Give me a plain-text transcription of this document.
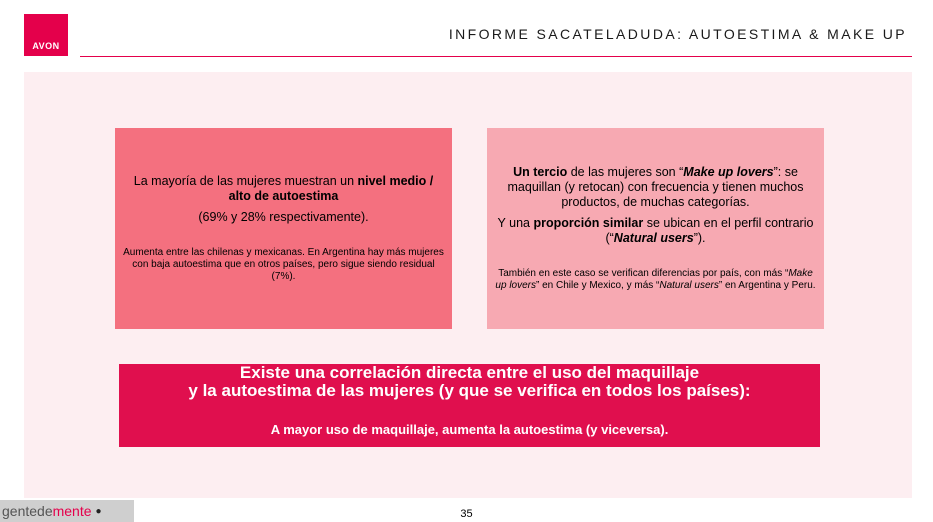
AVON
INFORME SACATELADUDA: AUTOESTIMA & MAKE UP
La mayoría de las mujeres muestran un nivel medio / alto de autoestima
(69% y 28% respectivamente).
Aumenta entre las chilenas y mexicanas. En Argentina hay más mujeres con baja autoestima que en otros países, pero sigue siendo residual (7%).
Un tercio de las mujeres son “Make up lovers”: se maquillan (y retocan) con frecuencia y tienen muchos productos, de muchas categorías.
Y una proporción similar se ubican en el perfil contrario (“Natural users”).
También en este caso se verifican diferencias por país, con más “Make up lovers” en Chile y Mexico, y más “Natural users” en Argentina y Peru.
Existe una correlación directa entre el uso del maquillaje
y la autoestima de las mujeres (y que se verifica en todos los países):
A mayor uso de maquillaje, aumenta la autoestima (y viceversa).
gentede mente ●	35
